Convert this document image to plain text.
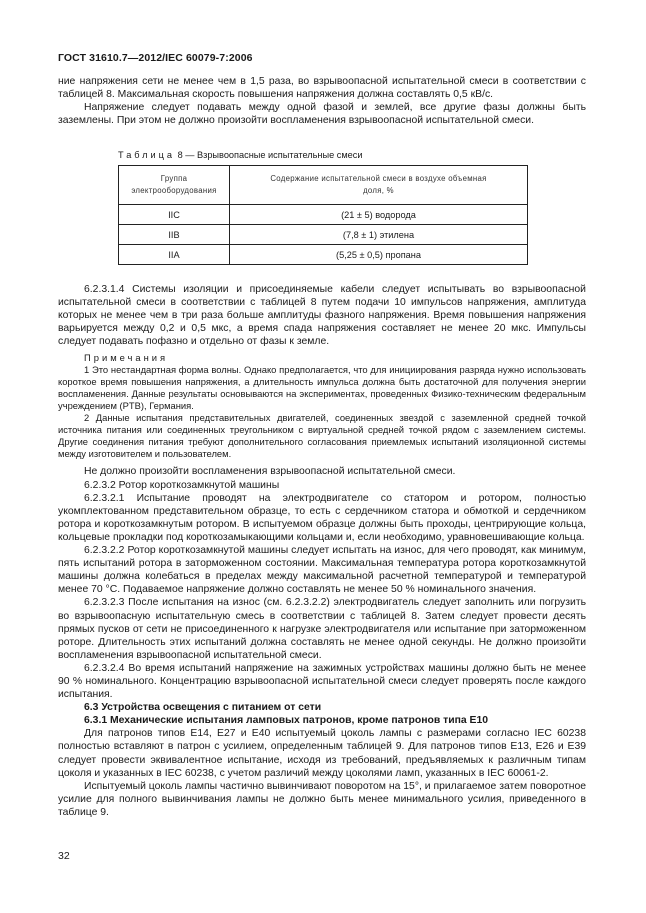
ГОСТ 31610.7—2012/IEC 60079-7:2006

ние напряжения сети не менее чем в 1,5 раза, во взрывоопасной испытательной смеси в соответствии с таблицей 8. Максимальная скорость повышения напряжения должна составлять 0,5 кВ/с.

Напряжение следует подавать между одной фазой и землей, все другие фазы должны быть заземлены. При этом не должно произойти воспламенения взрывоопасной испытательной смеси.

Таблица 8 — Взрывоопасные испытательные смеси
Группа электрооборудования	Содержание испытательной смеси в воздухе объемная доля, %
IIC	(21 ± 5) водорода
IIB	(7,8 ± 1) этилена
IIA	(5,25 ± 0,5) пропана

6.2.3.1.4 Системы изоляции и присоединяемые кабели следует испытывать во взрывоопасной испытательной смеси в соответствии с таблицей 8 путем подачи 10 импульсов напряжения, амплитуда которых не менее чем в три раза больше амплитуды фазного напряжения. Время повышения напряжения варьируется между 0,2 и 0,5 мкс, а время спада напряжения составляет не менее 20 мкс. Импульсы следует подавать пофазно и отдельно от фазы к земле.

Примечания

1 Это нестандартная форма волны. Однако предполагается, что для инициирования разряда нужно использовать короткое время повышения напряжения, а длительность импульса должна быть достаточной для получения энергии воспламенения. Данные результаты основываются на экспериментах, проведенных Физико-техническим федеральным учреждением (PTB), Германия.

2 Данные испытания представительных двигателей, соединенных звездой с заземленной средней точкой источника питания или соединенных треугольником с виртуальной средней точкой рядом с заземлением системы. Другие соединения питания требуют дополнительного согласования приемлемых испытаний изоляционной системы между изготовителем и пользователем.

Не должно произойти воспламенения взрывоопасной испытательной смеси.

6.2.3.2 Ротор короткозамкнутой машины

6.2.3.2.1 Испытание проводят на электродвигателе со статором и ротором, полностью укомплектованном представительном образце, то есть с сердечником статора и обмоткой и сердечником ротора и короткозамкнутым ротором. В испытуемом образце должны быть проходы, центрирующие кольца, кольцевые прокладки под короткозамыкающими кольцами и, если необходимо, уравновешивающие кольца.

6.2.3.2.2 Ротор короткозамкнутой машины следует испытать на износ, для чего проводят, как минимум, пять испытаний ротора в заторможенном состоянии. Максимальная температура ротора короткозамкнутой машины должна колебаться в пределах между максимальной расчетной температурой и температурой менее 70 °C. Подаваемое напряжение должно составлять не менее 50 % номинального значения.

6.2.3.2.3 После испытания на износ (см. 6.2.3.2.2) электродвигатель следует заполнить или погрузить во взрывоопасную испытательную смесь в соответствии с таблицей 8. Затем следует провести десять прямых пусков от сети не присоединенного к нагрузке электродвигателя или испытание при заторможенном роторе. Длительность этих испытаний должна составлять не менее одной секунды. Не должно произойти воспламенения взрывоопасной испытательной смеси.

6.2.3.2.4 Во время испытаний напряжение на зажимных устройствах машины должно быть не менее 90 % номинального. Концентрацию взрывоопасной испытательной смеси следует проверять после каждого испытания.

6.3 Устройства освещения с питанием от сети

6.3.1 Механические испытания ламповых патронов, кроме патронов типа E10

Для патронов типов E14, E27 и E40 испытуемый цоколь лампы с размерами согласно IEC 60238 полностью вставляют в патрон с усилием, определенным таблицей 9. Для патронов типов E13, E26 и E39 следует провести эквивалентное испытание, исходя из требований, предъявляемых к различным типам цоколя и указанных в IEC 60238, с учетом различий между цоколями ламп, указанных в IEC 60061-2.

Испытуемый цоколь лампы частично вывинчивают поворотом на 15°, и прилагаемое затем поворотное усилие для полного вывинчивания лампы не должно быть менее минимального усилия, приведенного в таблице 9.

32
